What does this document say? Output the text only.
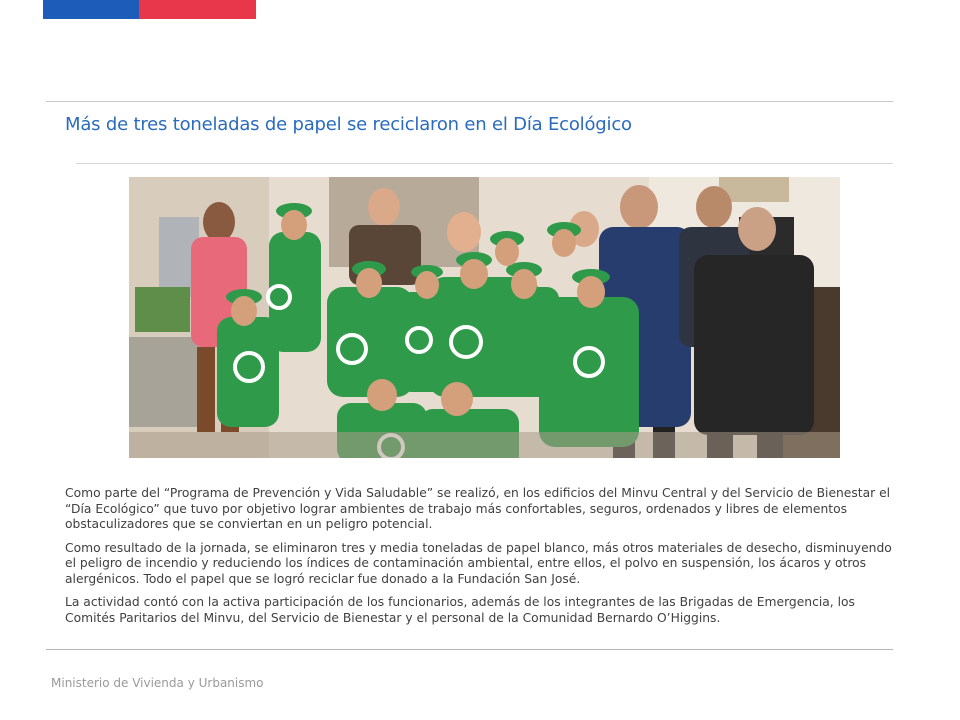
Más de tres toneladas de papel se reciclaron en el Día Ecológico

Como parte del “Programa de Prevención y Vida Saludable” se realizó, en los edificios del Minvu Central y del Servicio de Bienestar el “Día Ecológico” que tuvo por objetivo lograr ambientes de trabajo más confortables, seguros, ordenados y libres de elementos obstaculizadores que se conviertan en un peligro potencial.

Como resultado de la jornada, se eliminaron tres y media toneladas de papel blanco, más otros materiales de desecho, disminuyendo el peligro de incendio y reduciendo los índices de contaminación ambiental, entre ellos, el polvo en suspensión, los ácaros y otros alergénicos. Todo el papel que se logró reciclar fue donado a la Fundación San José.

La actividad contó con la activa participación de los funcionarios, además de los integrantes de las Brigadas de Emergencia, los Comités Paritarios del Minvu, del Servicio de Bienestar y el personal de la Comunidad Bernardo O’Higgins.

Ministerio de Vivienda y Urbanismo
